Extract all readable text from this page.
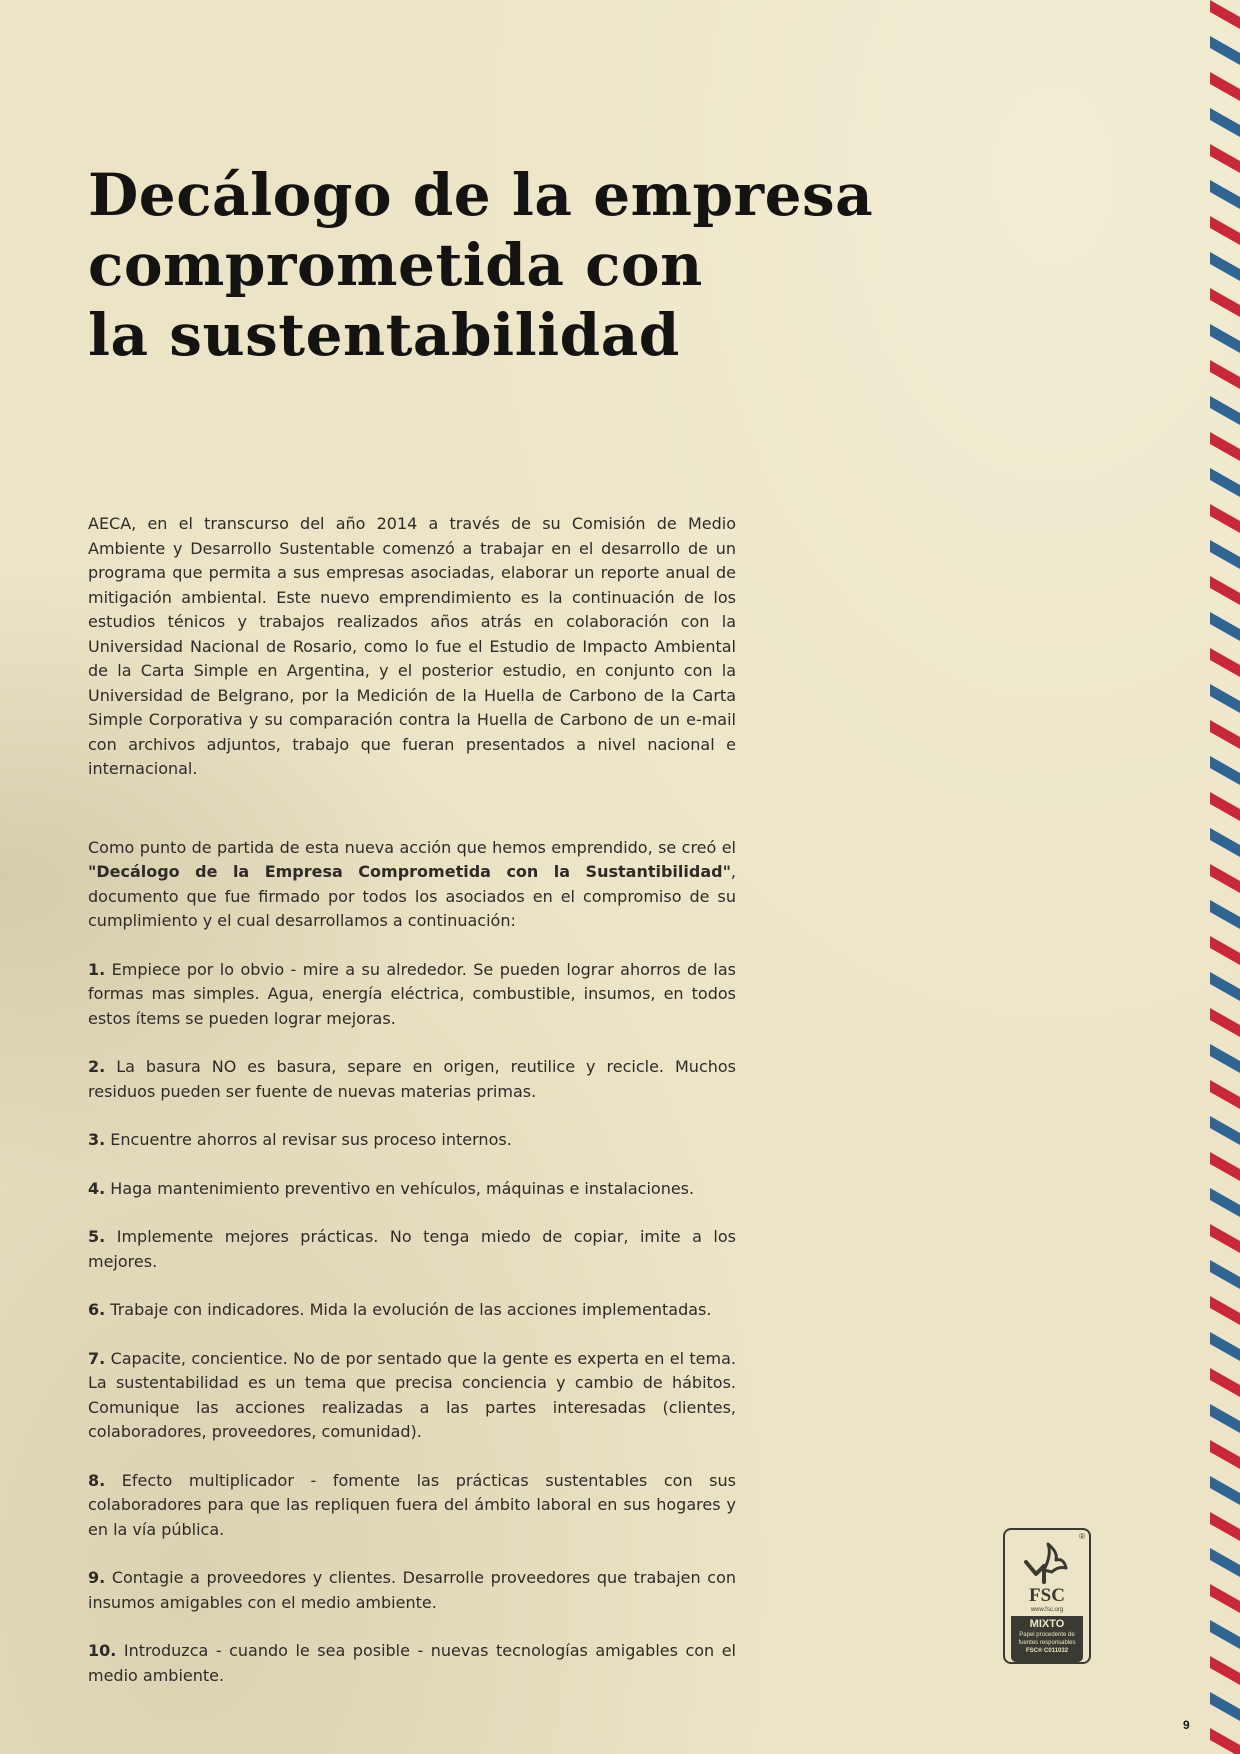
Decálogo de la empresa
comprometida con
la sustentabilidad

AECA, en el transcurso del año 2014 a través de su Comisión de Medio Ambiente y Desarrollo Sustentable comenzó a trabajar en el desarrollo de un programa que permita a sus empresas asociadas, elaborar un reporte anual de mitigación ambiental. Este nuevo emprendimiento es la continuación de los estudios ténicos y trabajos realizados años atrás en colaboración con la Universidad Nacional de Rosario, como lo fue el Estudio de Impacto Ambiental de la Carta Simple en Argentina, y el posterior estudio, en conjunto con la Universidad de Belgrano, por la Medición de la Huella de Carbono de la Carta Simple Corporativa y su comparación contra la Huella de Carbono de un e-mail con archivos adjuntos, trabajo que fueran presentados a nivel nacional e internacional.

Como punto de partida de esta nueva acción que hemos emprendido, se creó el "Decálogo de la Empresa Comprometida con la Sustantibilidad", documento que fue firmado por todos los asociados en el compromiso de su cumplimiento y el cual desarrollamos a continuación:

1. Empiece por lo obvio - mire a su alrededor. Se pueden lograr ahorros de las formas mas simples. Agua, energía eléctrica, combustible, insumos, en todos estos ítems se pueden lograr mejoras.

2. La basura NO es basura, separe en origen, reutilice y recicle. Muchos residuos pueden ser fuente de nuevas materias primas.

3. Encuentre ahorros al revisar sus proceso internos.

4. Haga mantenimiento preventivo en vehículos, máquinas e instalaciones.

5. Implemente mejores prácticas. No tenga miedo de copiar, imite a los mejores.

6. Trabaje con indicadores. Mida la evolución de las acciones implementadas.

7. Capacite, concientice. No de por sentado que la gente es experta en el tema. La sustentabilidad es un tema que precisa conciencia y cambio de hábitos. Comunique las acciones realizadas a las partes interesadas (clientes, colaboradores, proveedores, comunidad).

8. Efecto multiplicador - fomente las prácticas sustentables con sus colaboradores para que las repliquen fuera del ámbito laboral en sus hogares y en la vía pública.

9. Contagie a proveedores y clientes. Desarrolle proveedores que trabajen con insumos amigables con el medio ambiente.

10. Introduzca - cuando le sea posible - nuevas tecnologías amigables con el medio ambiente.

®
FSC
www.fsc.org
MIXTO
Papel procedente de
fuentes responsables
FSC® C011032
9
